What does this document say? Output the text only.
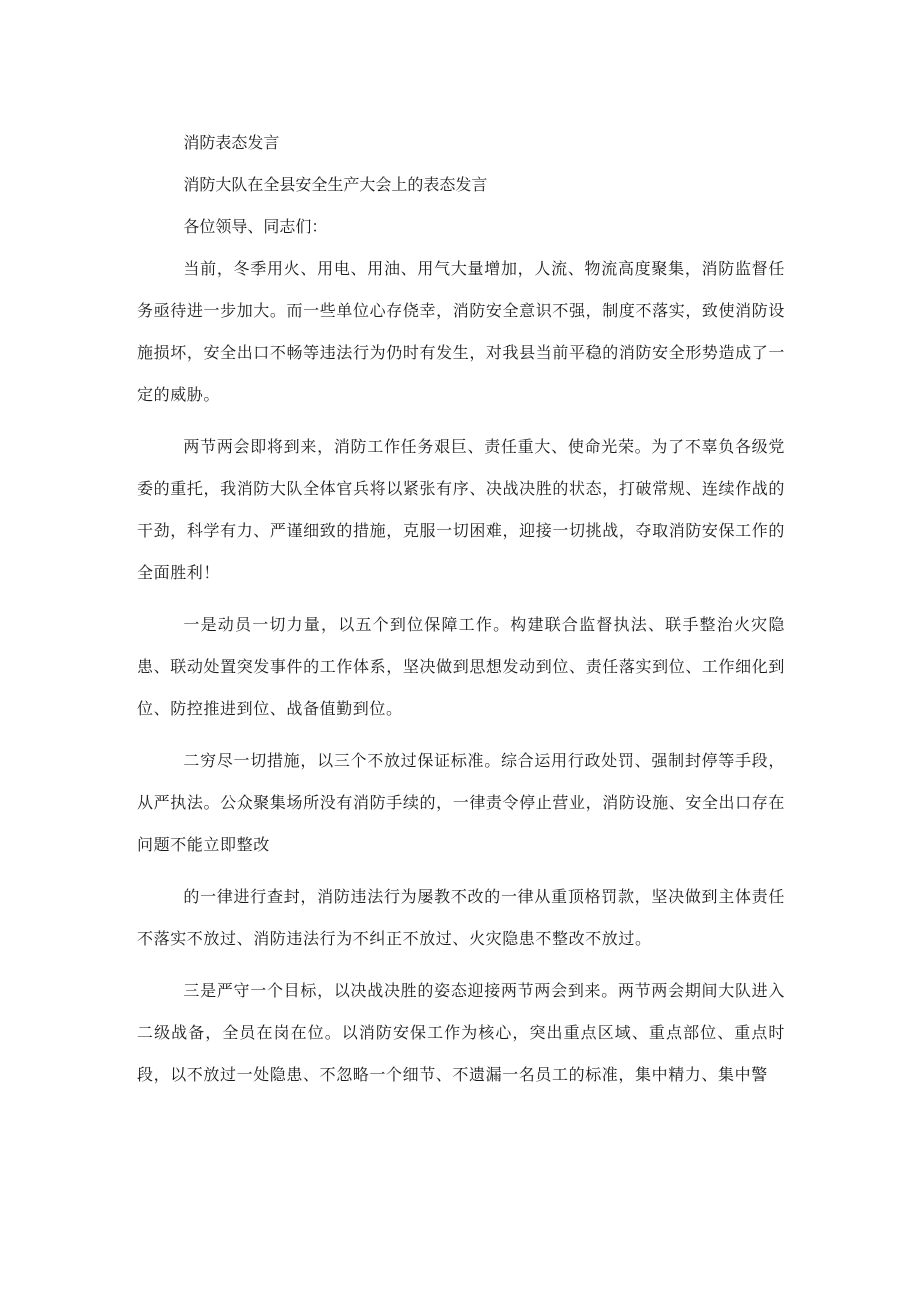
消防表态发言

消防大队在全县安全生产大会上的表态发言

各位领导、同志们：

当前，冬季用火、用电、用油、用气大量增加，人流、物流高度聚集，消防监督任务亟待进一步加大。而一些单位心存侥幸，消防安全意识不强，制度不落实，致使消防设施损坏，安全出口不畅等违法行为仍时有发生，对我县当前平稳的消防安全形势造成了一定的威胁。

两节两会即将到来，消防工作任务艰巨、责任重大、使命光荣。为了不辜负各级党委的重托，我消防大队全体官兵将以紧张有序、决战决胜的状态，打破常规、连续作战的干劲，科学有力、严谨细致的措施，克服一切困难，迎接一切挑战，夺取消防安保工作的全面胜利！

一是动员一切力量，以五个到位保障工作。构建联合监督执法、联手整治火灾隐患、联动处置突发事件的工作体系，坚决做到思想发动到位、责任落实到位、工作细化到位、防控推进到位、战备值勤到位。

二穷尽一切措施，以三个不放过保证标准。综合运用行政处罚、强制封停等手段，从严执法。公众聚集场所没有消防手续的，一律责令停止营业，消防设施、安全出口存在问题不能立即整改

的一律进行查封，消防违法行为屡教不改的一律从重顶格罚款，坚决做到主体责任不落实不放过、消防违法行为不纠正不放过、火灾隐患不整改不放过。

三是严守一个目标，以决战决胜的姿态迎接两节两会到来。两节两会期间大队进入二级战备，全员在岗在位。以消防安保工作为核心，突出重点区域、重点部位、重点时段，以不放过一处隐患、不忽略一个细节、不遗漏一名员工的标准，集中精力、集中警
